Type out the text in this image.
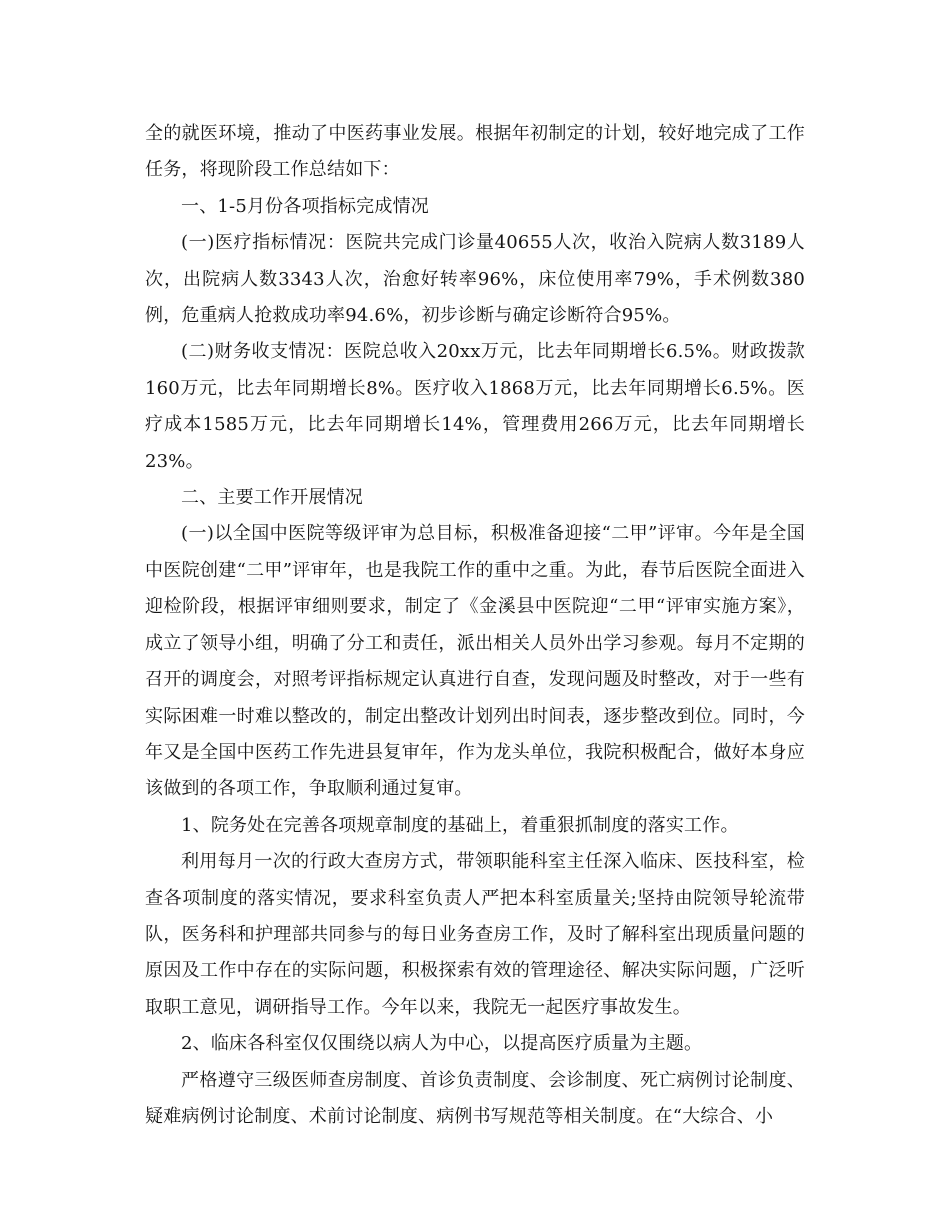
全的就医环境，推动了中医药事业发展。根据年初制定的计划，较好地完成了工作任务，将现阶段工作总结如下：

一、1-5月份各项指标完成情况

(一)医疗指标情况：医院共完成门诊量40655人次，收治入院病人数3189人次，出院病人数3343人次，治愈好转率96%，床位使用率79%，手术例数380例，危重病人抢救成功率94.6%，初步诊断与确定诊断符合95%。

(二)财务收支情况：医院总收入20xx万元，比去年同期增长6.5%。财政拨款160万元，比去年同期增长8%。医疗收入1868万元，比去年同期增长6.5%。医疗成本1585万元，比去年同期增长14%，管理费用266万元，比去年同期增长23%。

二、主要工作开展情况

(一)以全国中医院等级评审为总目标，积极准备迎接“二甲”评审。今年是全国中医院创建“二甲”评审年，也是我院工作的重中之重。为此，春节后医院全面进入迎检阶段，根据评审细则要求，制定了《金溪县中医院迎“二甲“评审实施方案》，成立了领导小组，明确了分工和责任，派出相关人员外出学习参观。每月不定期的召开的调度会，对照考评指标规定认真进行自查，发现问题及时整改，对于一些有实际困难一时难以整改的，制定出整改计划列出时间表，逐步整改到位。同时，今年又是全国中医药工作先进县复审年，作为龙头单位，我院积极配合，做好本身应该做到的各项工作，争取顺利通过复审。

1、院务处在完善各项规章制度的基础上，着重狠抓制度的落实工作。

利用每月一次的行政大查房方式，带领职能科室主任深入临床、医技科室，检查各项制度的落实情况，要求科室负责人严把本科室质量关;坚持由院领导轮流带队，医务科和护理部共同参与的每日业务查房工作，及时了解科室出现质量问题的原因及工作中存在的实际问题，积极探索有效的管理途径、解决实际问题，广泛听取职工意见，调研指导工作。今年以来，我院无一起医疗事故发生。

2、临床各科室仅仅围绕以病人为中心，以提高医疗质量为主题。

严格遵守三级医师查房制度、首诊负责制度、会诊制度、死亡病例讨论制度、疑难病例讨论制度、术前讨论制度、病例书写规范等相关制度。在“大综合、小
